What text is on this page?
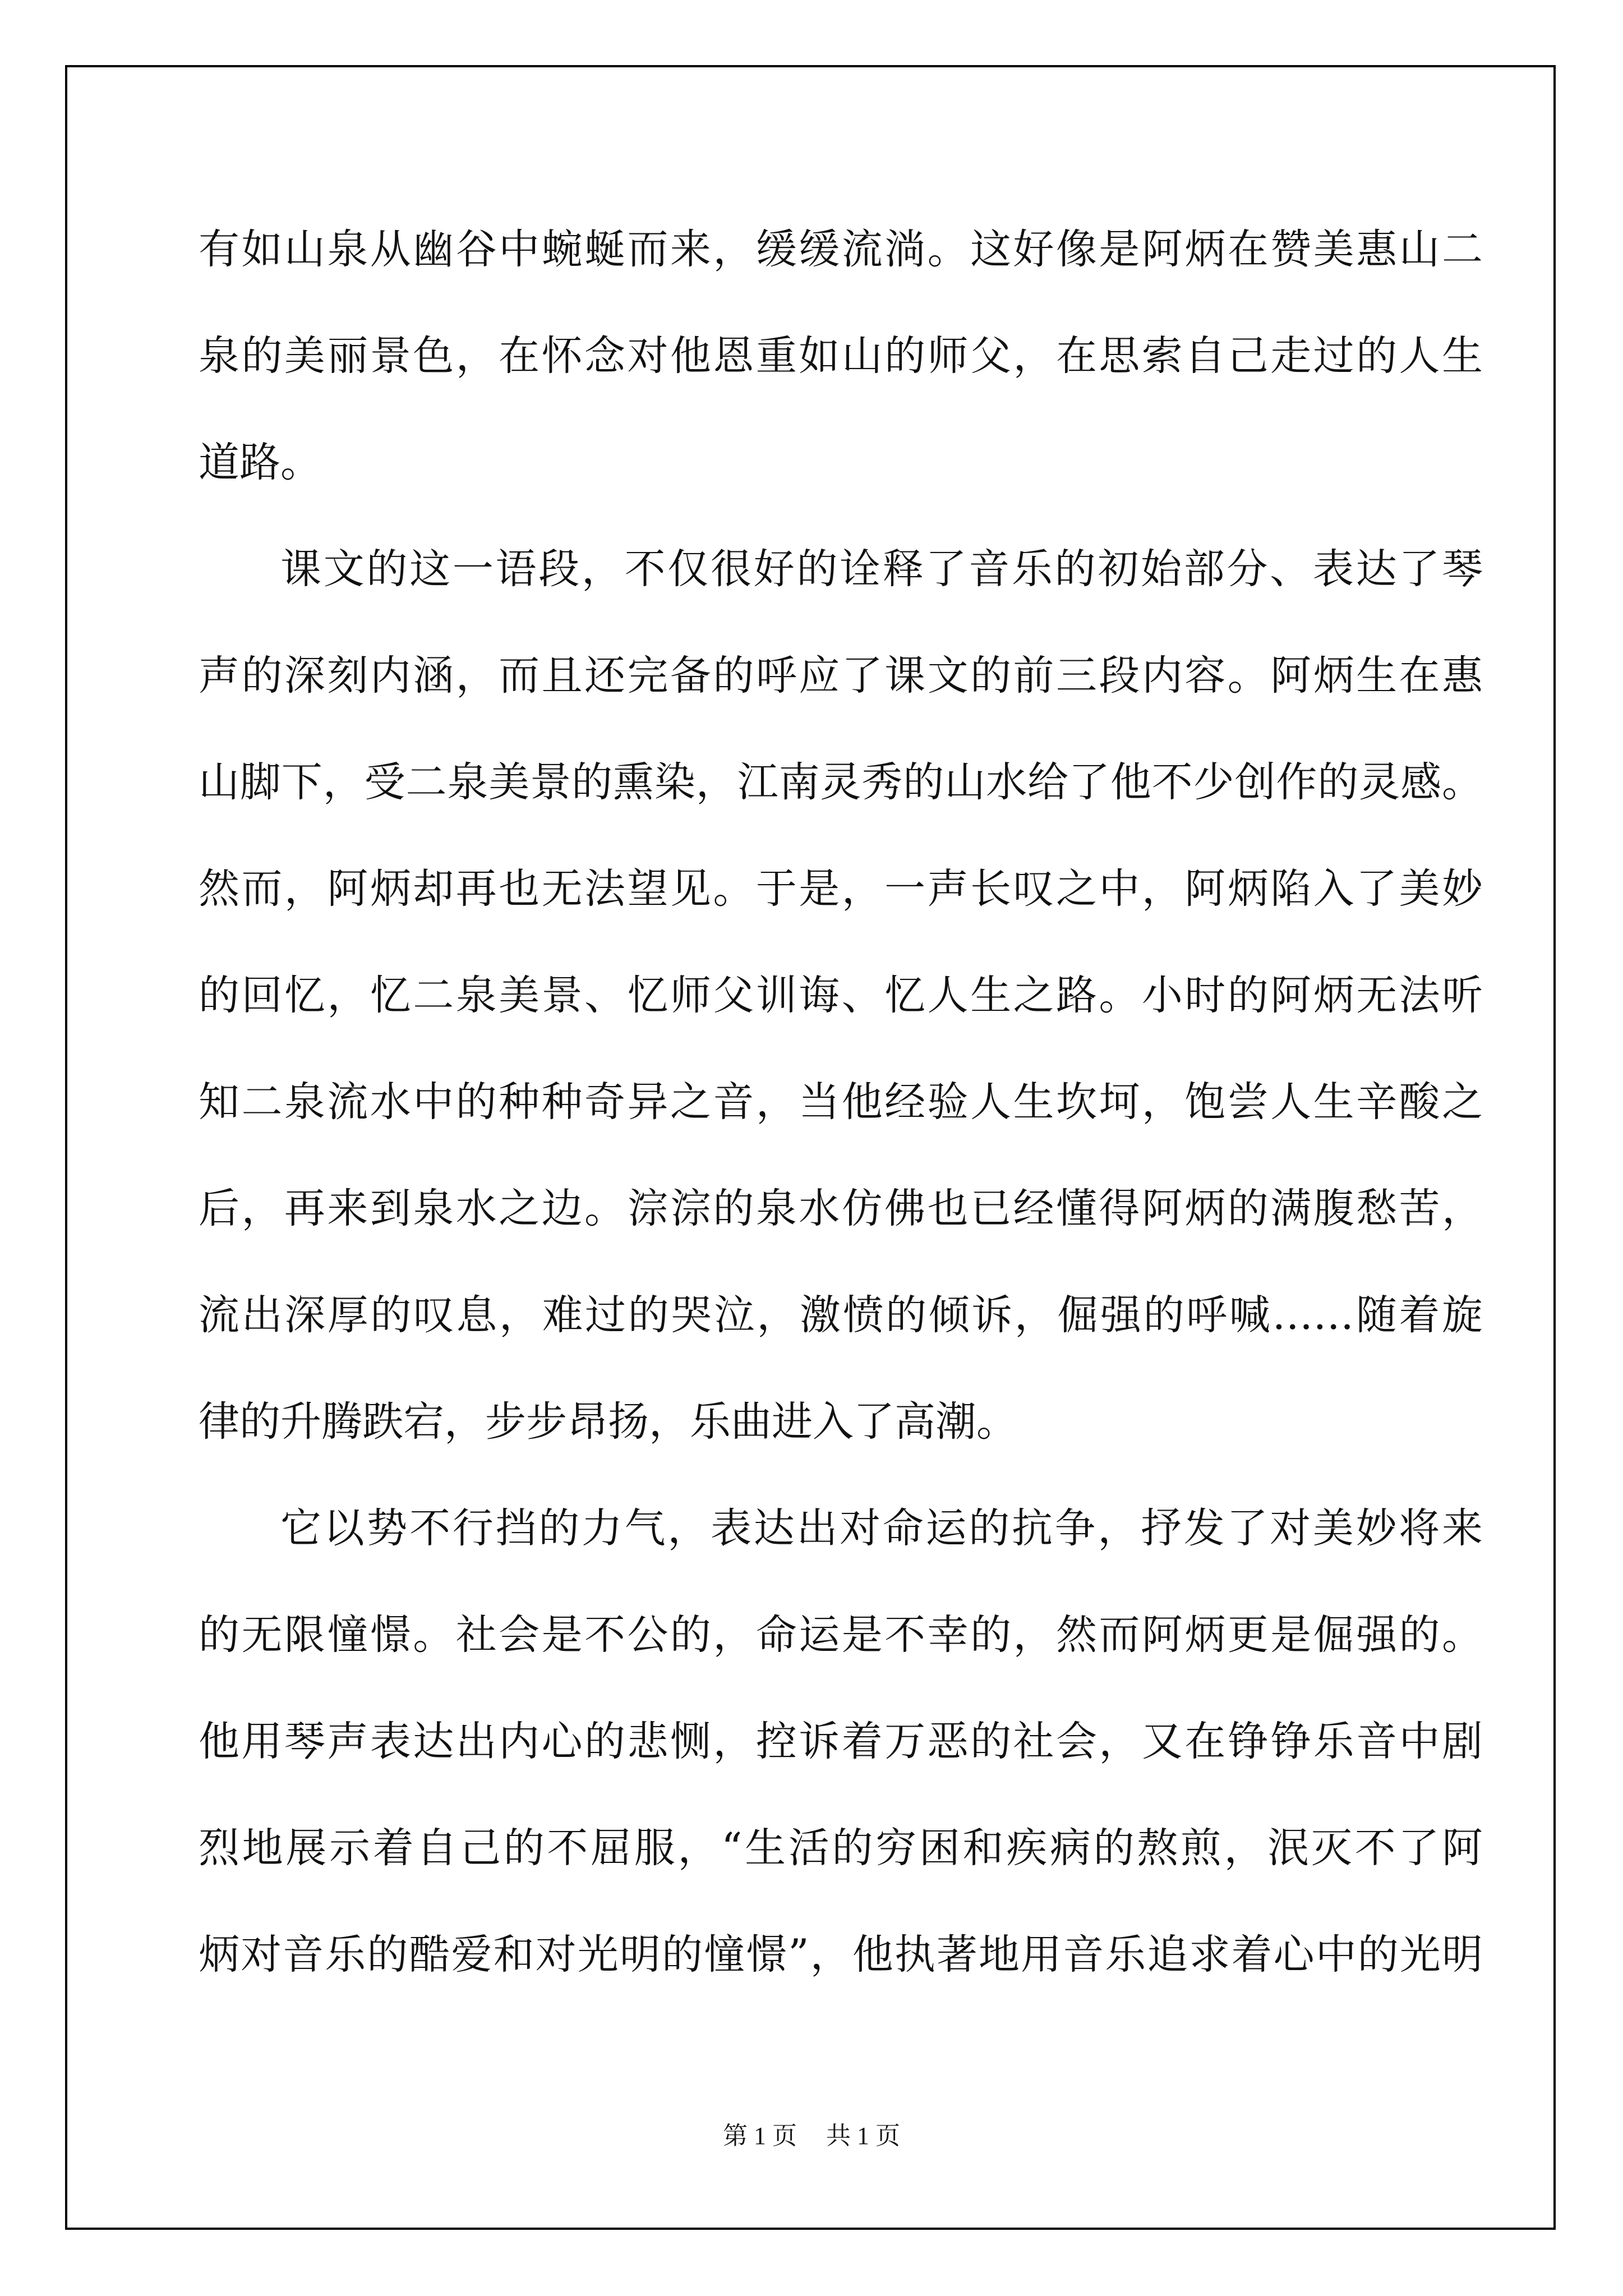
有如山泉从幽谷中蜿蜒而来，缓缓流淌。这好像是阿炳在赞美惠山二
泉的美丽景色，在怀念对他恩重如山的师父，在思索自己走过的人生
道路。
课文的这一语段，不仅很好的诠释了音乐的初始部分、表达了琴
声的深刻内涵，而且还完备的呼应了课文的前三段内容。阿炳生在惠
山脚下，受二泉美景的熏染，江南灵秀的山水给了他不少创作的灵感。
然而，阿炳却再也无法望见。于是，一声长叹之中，阿炳陷入了美妙
的回忆，忆二泉美景、忆师父训诲、忆人生之路。小时的阿炳无法听
知二泉流水中的种种奇异之音，当他经验人生坎坷，饱尝人生辛酸之
后，再来到泉水之边。淙淙的泉水仿佛也已经懂得阿炳的满腹愁苦，
流出深厚的叹息，难过的哭泣，激愤的倾诉，倔强的呼喊……随着旋
律的升腾跌宕，步步昂扬，乐曲进入了高潮。
它以势不行挡的力气，表达出对命运的抗争，抒发了对美妙将来
的无限憧憬。社会是不公的，命运是不幸的，然而阿炳更是倔强的。
他用琴声表达出内心的悲恻，控诉着万恶的社会，又在铮铮乐音中剧
烈地展示着自己的不屈服，“生活的穷困和疾病的熬煎，泯灭不了阿
炳对音乐的酷爱和对光明的憧憬”，他执著地用音乐追求着心中的光明
第 1 页 共 1 页
